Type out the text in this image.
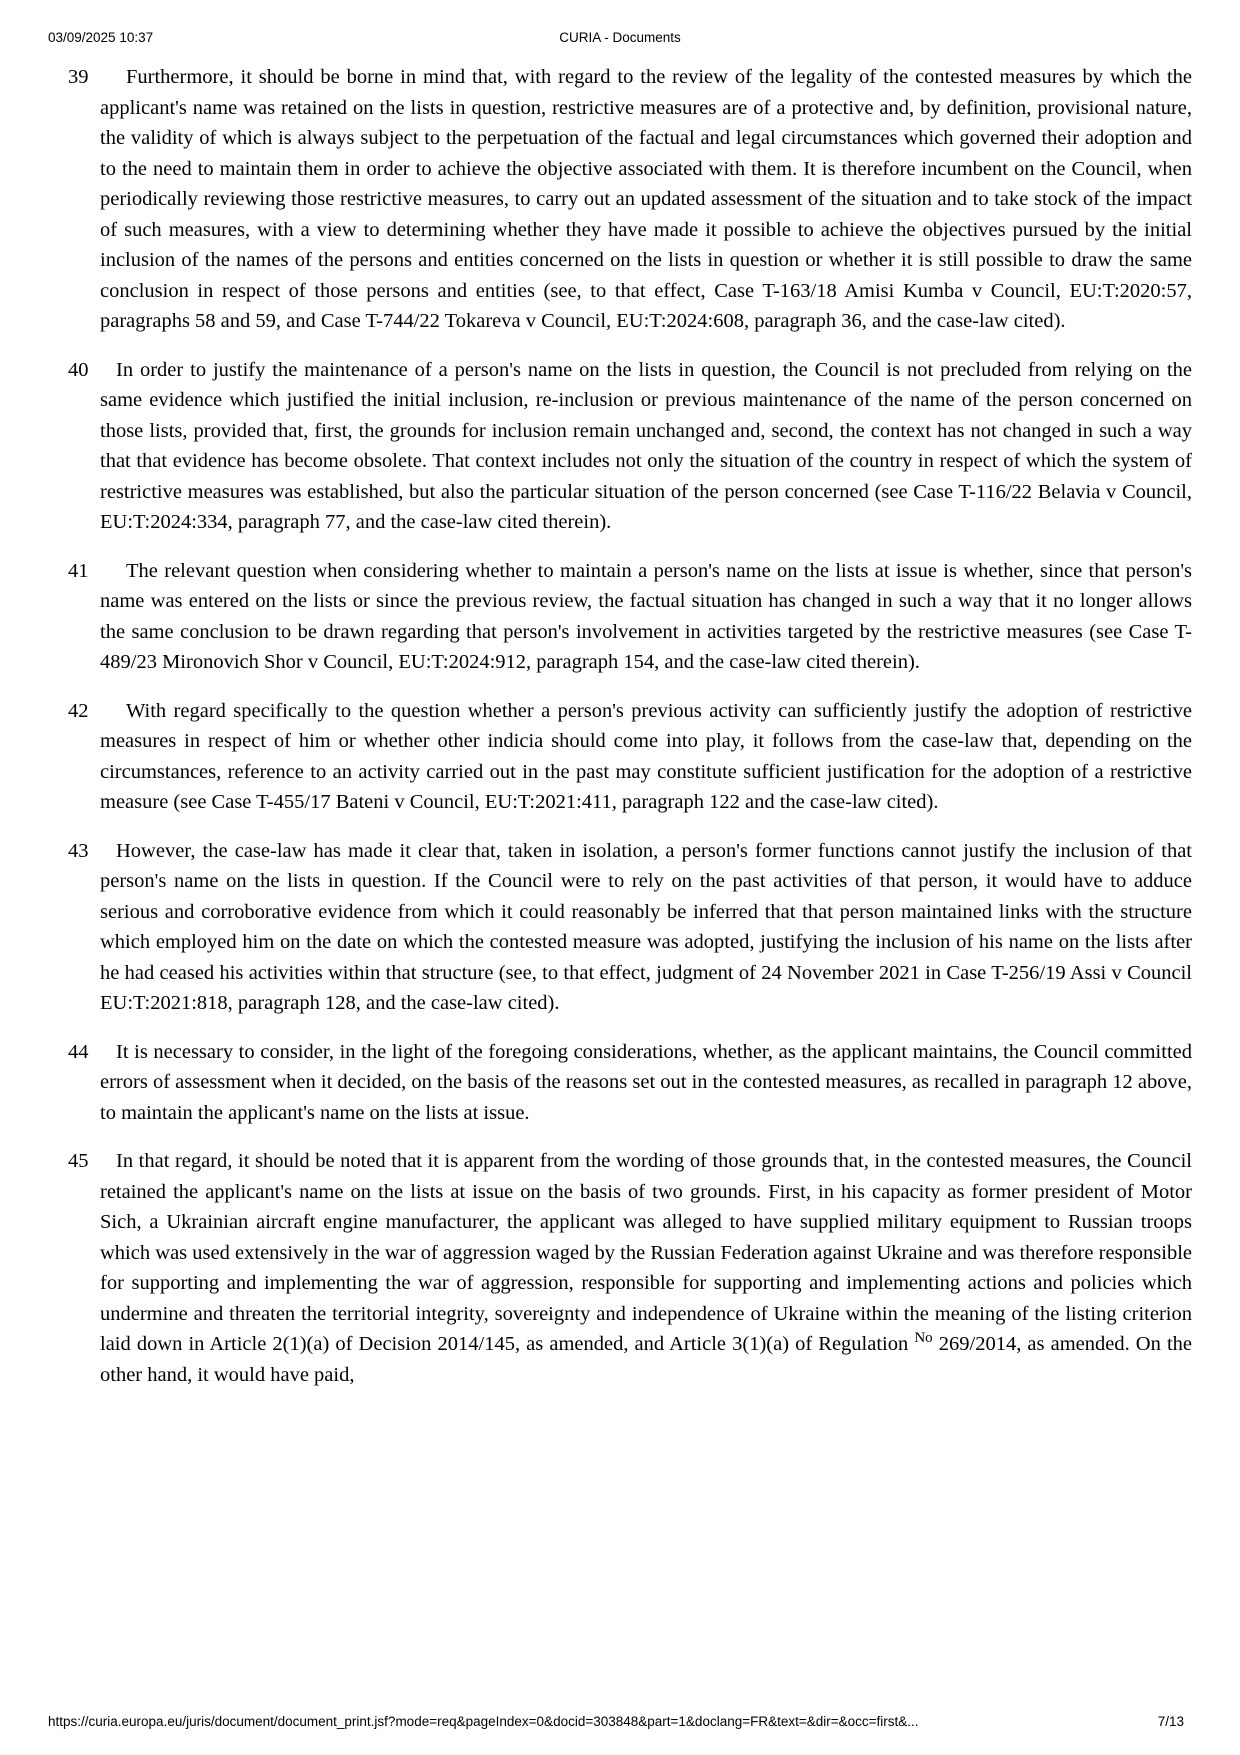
03/09/2025 10:37	CURIA - Documents
39	Furthermore, it should be borne in mind that, with regard to the review of the legality of the contested measures by which the applicant's name was retained on the lists in question, restrictive measures are of a protective and, by definition, provisional nature, the validity of which is always subject to the perpetuation of the factual and legal circumstances which governed their adoption and to the need to maintain them in order to achieve the objective associated with them. It is therefore incumbent on the Council, when periodically reviewing those restrictive measures, to carry out an updated assessment of the situation and to take stock of the impact of such measures, with a view to determining whether they have made it possible to achieve the objectives pursued by the initial inclusion of the names of the persons and entities concerned on the lists in question or whether it is still possible to draw the same conclusion in respect of those persons and entities (see, to that effect, Case T-163/18 Amisi Kumba v Council, EU:T:2020:57, paragraphs 58 and 59, and Case T-744/22 Tokareva v Council, EU:T:2024:608, paragraph 36, and the case-law cited).
40	In order to justify the maintenance of a person's name on the lists in question, the Council is not precluded from relying on the same evidence which justified the initial inclusion, re-inclusion or previous maintenance of the name of the person concerned on those lists, provided that, first, the grounds for inclusion remain unchanged and, second, the context has not changed in such a way that that evidence has become obsolete. That context includes not only the situation of the country in respect of which the system of restrictive measures was established, but also the particular situation of the person concerned (see Case T-116/22 Belavia v Council, EU:T:2024:334, paragraph 77, and the case-law cited therein).
41	The relevant question when considering whether to maintain a person's name on the lists at issue is whether, since that person's name was entered on the lists or since the previous review, the factual situation has changed in such a way that it no longer allows the same conclusion to be drawn regarding that person's involvement in activities targeted by the restrictive measures (see Case T-489/23 Mironovich Shor v Council, EU:T:2024:912, paragraph 154, and the case-law cited therein).
42	With regard specifically to the question whether a person's previous activity can sufficiently justify the adoption of restrictive measures in respect of him or whether other indicia should come into play, it follows from the case-law that, depending on the circumstances, reference to an activity carried out in the past may constitute sufficient justification for the adoption of a restrictive measure (see Case T-455/17 Bateni v Council, EU:T:2021:411, paragraph 122 and the case-law cited).
43	However, the case-law has made it clear that, taken in isolation, a person's former functions cannot justify the inclusion of that person's name on the lists in question. If the Council were to rely on the past activities of that person, it would have to adduce serious and corroborative evidence from which it could reasonably be inferred that that person maintained links with the structure which employed him on the date on which the contested measure was adopted, justifying the inclusion of his name on the lists after he had ceased his activities within that structure (see, to that effect, judgment of 24 November 2021 in Case T-256/19 Assi v Council EU:T:2021:818, paragraph 128, and the case-law cited).
44	It is necessary to consider, in the light of the foregoing considerations, whether, as the applicant maintains, the Council committed errors of assessment when it decided, on the basis of the reasons set out in the contested measures, as recalled in paragraph 12 above, to maintain the applicant's name on the lists at issue.
45	In that regard, it should be noted that it is apparent from the wording of those grounds that, in the contested measures, the Council retained the applicant's name on the lists at issue on the basis of two grounds. First, in his capacity as former president of Motor Sich, a Ukrainian aircraft engine manufacturer, the applicant was alleged to have supplied military equipment to Russian troops which was used extensively in the war of aggression waged by the Russian Federation against Ukraine and was therefore responsible for supporting and implementing the war of aggression, responsible for supporting and implementing actions and policies which undermine and threaten the territorial integrity, sovereignty and independence of Ukraine within the meaning of the listing criterion laid down in Article 2(1)(a) of Decision 2014/145, as amended, and Article 3(1)(a) of Regulation $^{No}$ 269/2014, as amended. On the other hand, it would have paid,
https://curia.europa.eu/juris/document/document_print.jsf?mode=req&pageIndex=0&docid=303848&part=1&doclang=FR&text=&dir=&occ=first&...	7/13
